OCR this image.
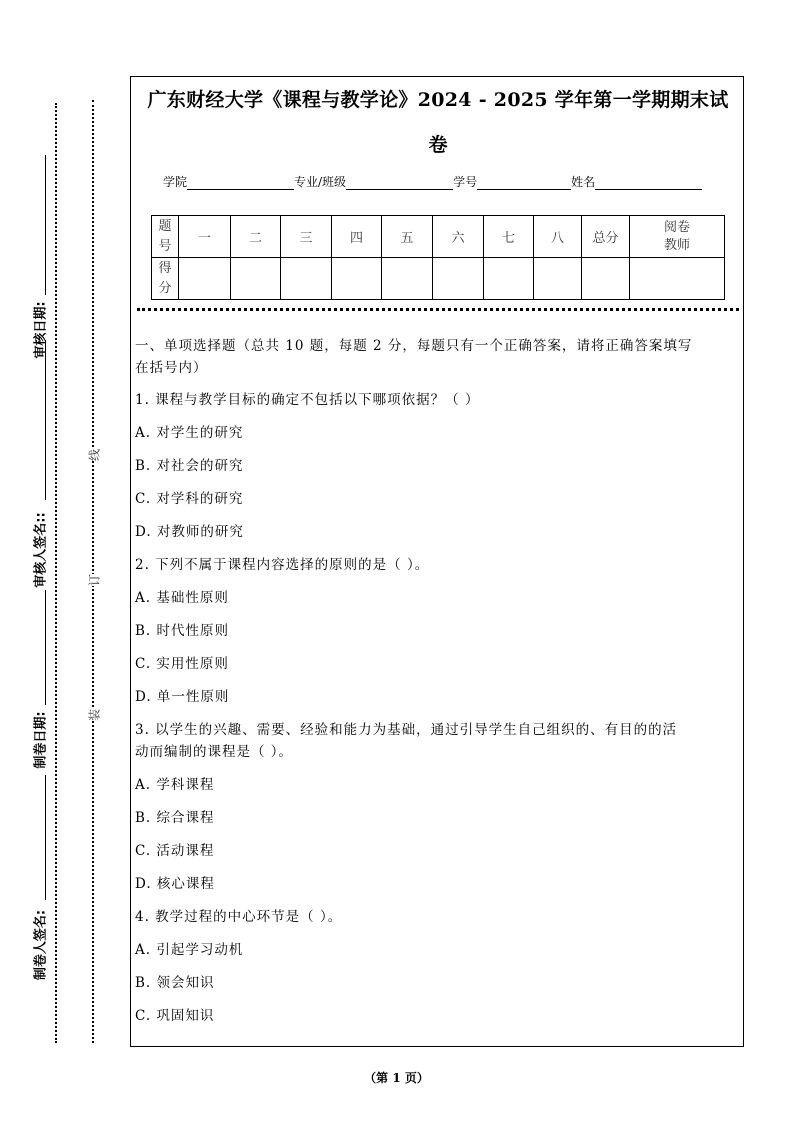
审核日期:
审核人签名::
制卷日期:
制卷人签名:
线
订
装
广东财经大学《课程与教学论》2024 - 2025 学年第一学期期末试
卷
学院	专业/班级	学号	姓名
题号	一	二	三	四	五	六	七	八	总分	阅卷教师
得分										
一、单项选择题（总共 10 题，每题 2 分，每题只有一个正确答案，请将正确答案填写
在括号内）
1. 课程与教学目标的确定不包括以下哪项依据？（ ）
A. 对学生的研究
B. 对社会的研究
C. 对学科的研究
D. 对教师的研究
2. 下列不属于课程内容选择的原则的是（ ）。
A. 基础性原则
B. 时代性原则
C. 实用性原则
D. 单一性原则
3. 以学生的兴趣、需要、经验和能力为基础，通过引导学生自己组织的、有目的的活
动而编制的课程是（ ）。
A. 学科课程
B. 综合课程
C. 活动课程
D. 核心课程
4. 教学过程的中心环节是（ ）。
A. 引起学习动机
B. 领会知识
C. 巩固知识
（第 1 页）
